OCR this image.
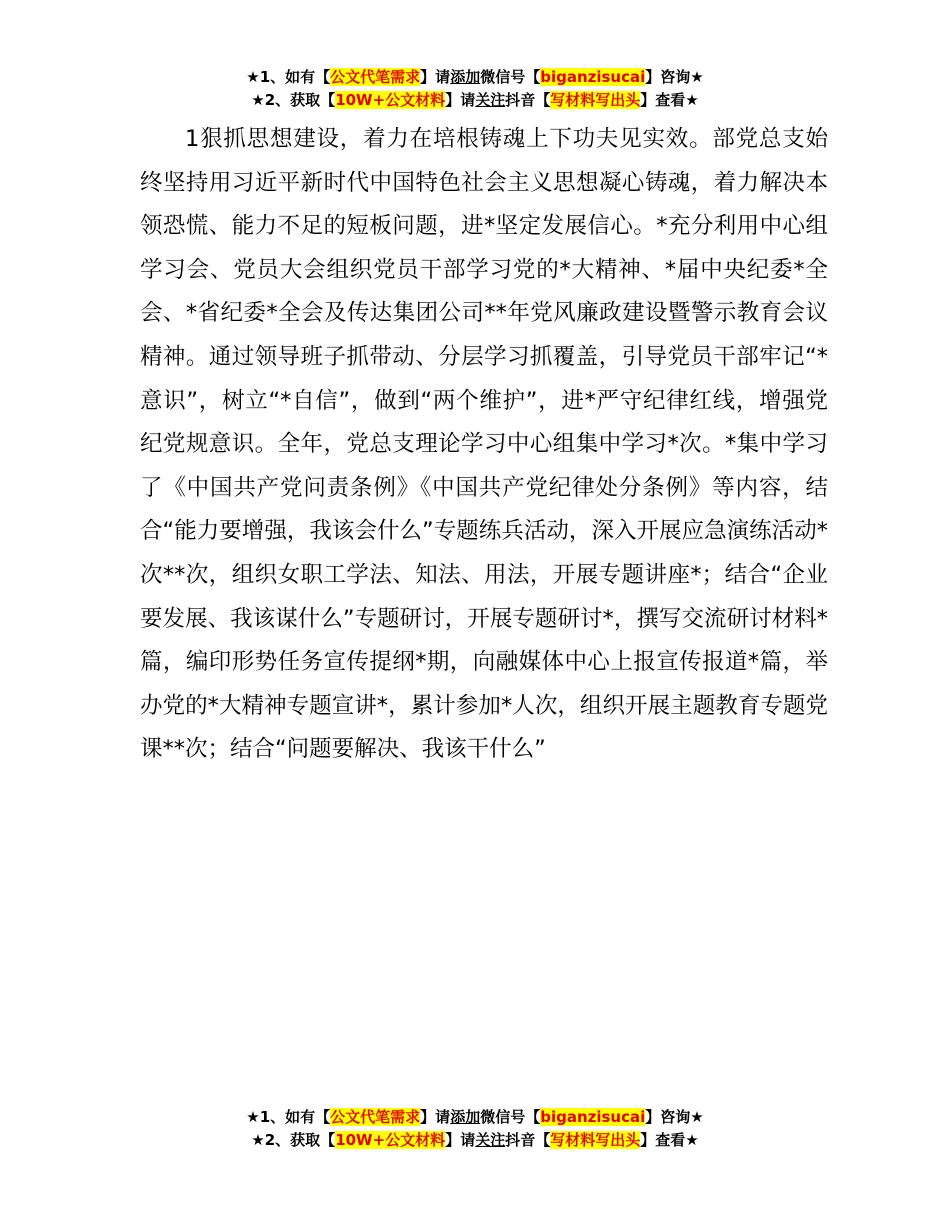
★1、如有【公文代笔需求】请添加微信号【biganzisucai】咨询★
★2、获取【10W+公文材料】请关注抖音【写材料写出头】查看★

1狠抓思想建设，着力在培根铸魂上下功夫见实效。部党总支始终坚持用习近平新时代中国特色社会主义思想凝心铸魂，着力解决本领恐慌、能力不足的短板问题，进*坚定发展信心。*充分利用中心组学习会、党员大会组织党员干部学习党的*大精神、*届中央纪委*全会、*省纪委*全会及传达集团公司**年党风廉政建设暨警示教育会议精神。通过领导班子抓带动、分层学习抓覆盖，引导党员干部牢记“*意识”，树立“*自信”，做到“两个维护”，进*严守纪律红线，增强党纪党规意识。全年，党总支理论学习中心组集中学习*次。*集中学习了《中国共产党问责条例》《中国共产党纪律处分条例》等内容，结合“能力要增强，我该会什么”专题练兵活动，深入开展应急演练活动*次**次，组织女职工学法、知法、用法，开展专题讲座*；结合“企业要发展、我该谋什么”专题研讨，开展专题研讨*，撰写交流研讨材料*篇，编印形势任务宣传提纲*期，向融媒体中心上报宣传报道*篇，举办党的*大精神专题宣讲*，累计参加*人次，组织开展主题教育专题党课**次；结合“问题要解决、我该干什么”

★1、如有【公文代笔需求】请添加微信号【biganzisucai】咨询★
★2、获取【10W+公文材料】请关注抖音【写材料写出头】查看★
